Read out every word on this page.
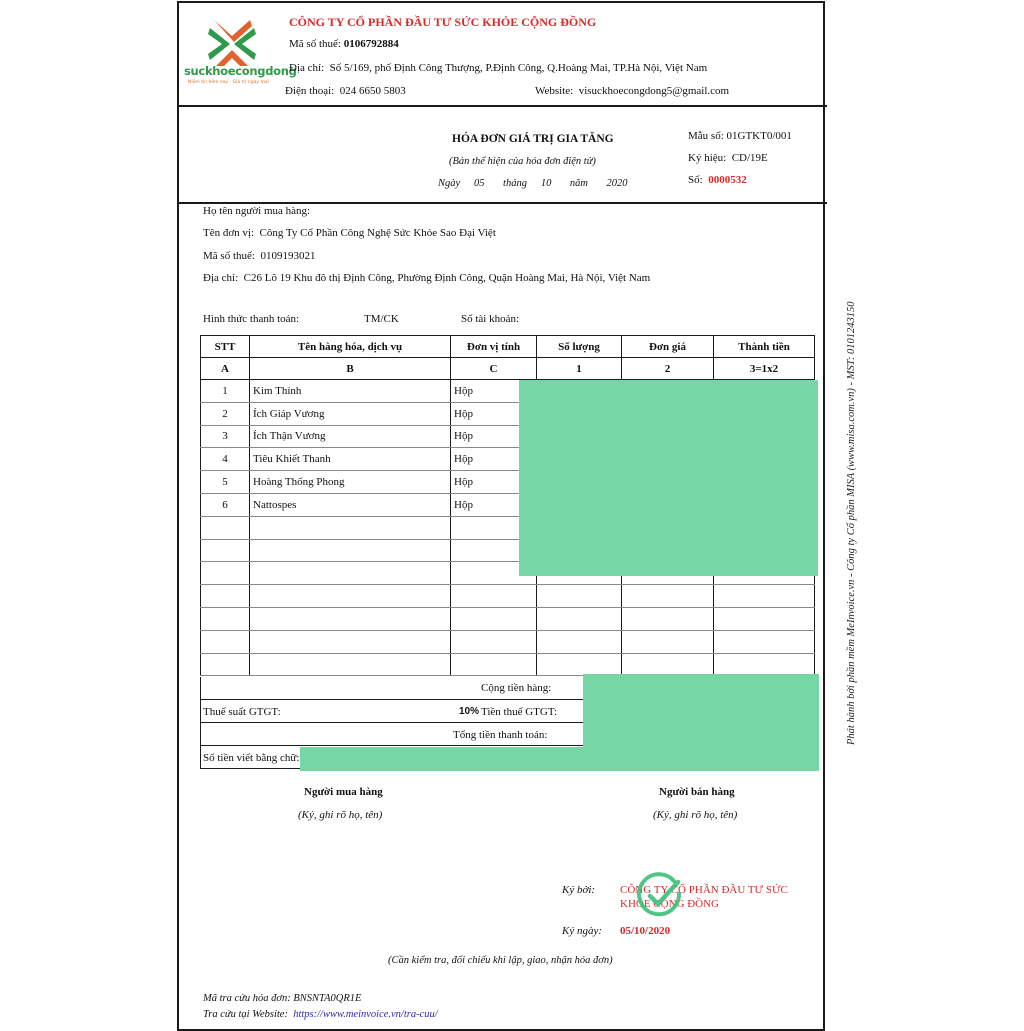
suckhoecongdong
Niềm tin hôm nay - Giá trị ngày mai
CÔNG TY CỔ PHẦN ĐẦU TƯ SỨC KHỎE CỘNG ĐỒNG
Mã số thuế: 0106792884
Địa chỉ: Số 5/169, phố Định Công Thượng, P.Định Công, Q.Hoàng Mai, TP.Hà Nội, Việt Nam
Điện thoại: 024 6650 5803	Website: visuckhoecongdong5@gmail.com
HÓA ĐƠN GIÁ TRỊ GIA TĂNG
(Bản thể hiện của hóa đơn điện tử)
Ngày 05 tháng 10 năm 2020
Mẫu số: 01GTKT0/001
Ký hiệu: CD/19E
Số: 0000532
Họ tên người mua hàng:
Tên đơn vị: Công Ty Cổ Phần Công Nghệ Sức Khỏe Sao Đại Việt
Mã số thuế: 0109193021
Địa chỉ: C26 Lô 19 Khu đô thị Định Công, Phường Định Công, Quận Hoàng Mai, Hà Nội, Việt Nam
Hình thức thanh toán:	TM/CK	Số tài khoản:
STT	Tên hàng hóa, dịch vụ	Đơn vị tính	Số lượng	Đơn giá	Thành tiền
A	B	C	1	2	3=1x2
1	Kim Thính	Hộp			
2	Ích Giáp Vương	Hộp			
3	Ích Thận Vương	Hộp			
4	Tiêu Khiết Thanh	Hộp			
5	Hoàng Thống Phong	Hộp			
6	Nattospes	Hộp			

Cộng tiền hàng:
Thuế suất GTGT:	10% Tiền thuế GTGT:
Tổng tiền thanh toán:
Số tiền viết bằng chữ:
Người mua hàng
(Ký, ghi rõ họ, tên)
Người bán hàng
(Ký, ghi rõ họ, tên)
Ký bởi: CÔNG TY CỔ PHẦN ĐẦU TƯ SỨC
KHỎE CỘNG ĐỒNG
Ký ngày: 05/10/2020
(Cần kiểm tra, đối chiếu khi lập, giao, nhận hóa đơn)
Mã tra cứu hóa đơn: BNSNTA0QR1E
Tra cứu tại Website: https://www.meinvoice.vn/tra-cuu/
Phát hành bởi phần mềm MeInvoice.vn - Công ty Cổ phần MISA (www.misa.com.vn) - MST: 0101243150
